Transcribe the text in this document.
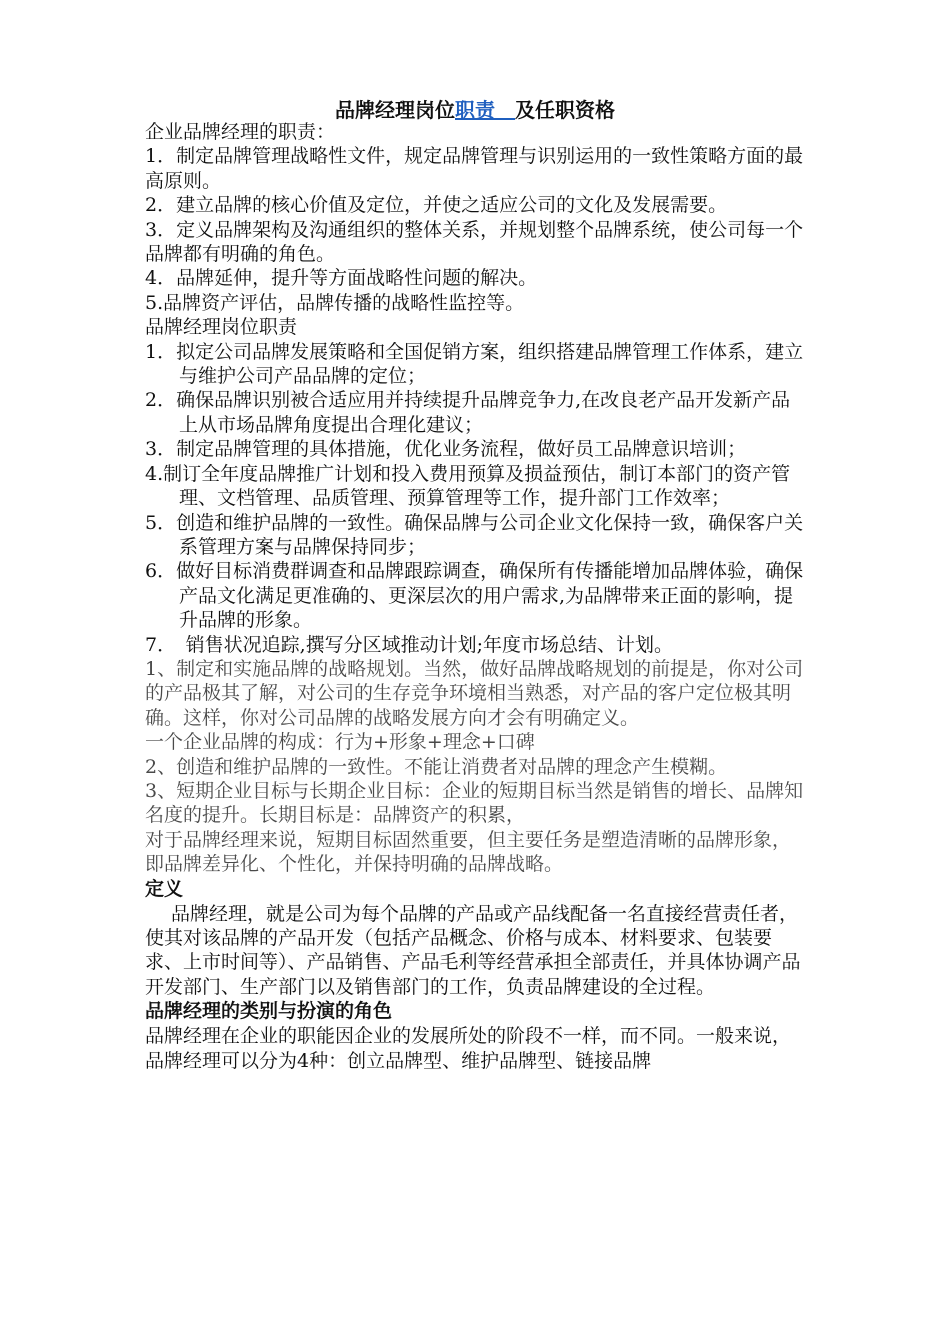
品牌经理岗位职责　及任职资格

企业品牌经理的职责：

1．制定品牌管理战略性文件，规定品牌管理与识别运用的一致性策略方面的最高原则。

2．建立品牌的核心价值及定位，并使之适应公司的文化及发展需要。

3．定义品牌架构及沟通组织的整体关系，并规划整个品牌系统，使公司每一个品牌都有明确的角色。

4．品牌延伸，提升等方面战略性问题的解决。

5.品牌资产评估，品牌传播的战略性监控等。

品牌经理岗位职责

1．拟定公司品牌发展策略和全国促销方案，组织搭建品牌管理工作体系，建立与维护公司产品品牌的定位；

2．确保品牌识别被合适应用并持续提升品牌竞争力,在改良老产品开发新产品上从市场品牌角度提出合理化建议；

3．制定品牌管理的具体措施，优化业务流程，做好员工品牌意识培训；

4.制订全年度品牌推广计划和投入费用预算及损益预估，制订本部门的资产管理、文档管理、品质管理、预算管理等工作，提升部门工作效率；

5．创造和维护品牌的一致性。确保品牌与公司企业文化保持一致，确保客户关系管理方案与品牌保持同步；

6．做好目标消费群调查和品牌跟踪调查，确保所有传播能增加品牌体验，确保产品文化满足更准确的、更深层次的用户需求,为品牌带来正面的影响，提升品牌的形象。

7．　销售状况追踪,撰写分区域推动计划;年度市场总结、计划。

1、制定和实施品牌的战略规划。当然，做好品牌战略规划的前提是，你对公司的产品极其了解，对公司的生存竞争环境相当熟悉，对产品的客户定位极其明确。这样，你对公司品牌的战略发展方向才会有明确定义。

一个企业品牌的构成：行为+形象+理念+口碑

2、创造和维护品牌的一致性。不能让消费者对品牌的理念产生模糊。

3、短期企业目标与长期企业目标：企业的短期目标当然是销售的增长、品牌知名度的提升。长期目标是：品牌资产的积累，

对于品牌经理来说，短期目标固然重要，但主要任务是塑造清晰的品牌形象，即品牌差异化、个性化，并保持明确的品牌战略。

定义

品牌经理，就是公司为每个品牌的产品或产品线配备一名直接经营责任者，使其对该品牌的产品开发（包括产品概念、价格与成本、材料要求、包装要求、上市时间等）、产品销售、产品毛利等经营承担全部责任，并具体协调产品开发部门、生产部门以及销售部门的工作，负责品牌建设的全过程。

品牌经理的类别与扮演的角色

品牌经理在企业的职能因企业的发展所处的阶段不一样，而不同。一般来说，品牌经理可以分为4种：创立品牌型、维护品牌型、链接品牌
